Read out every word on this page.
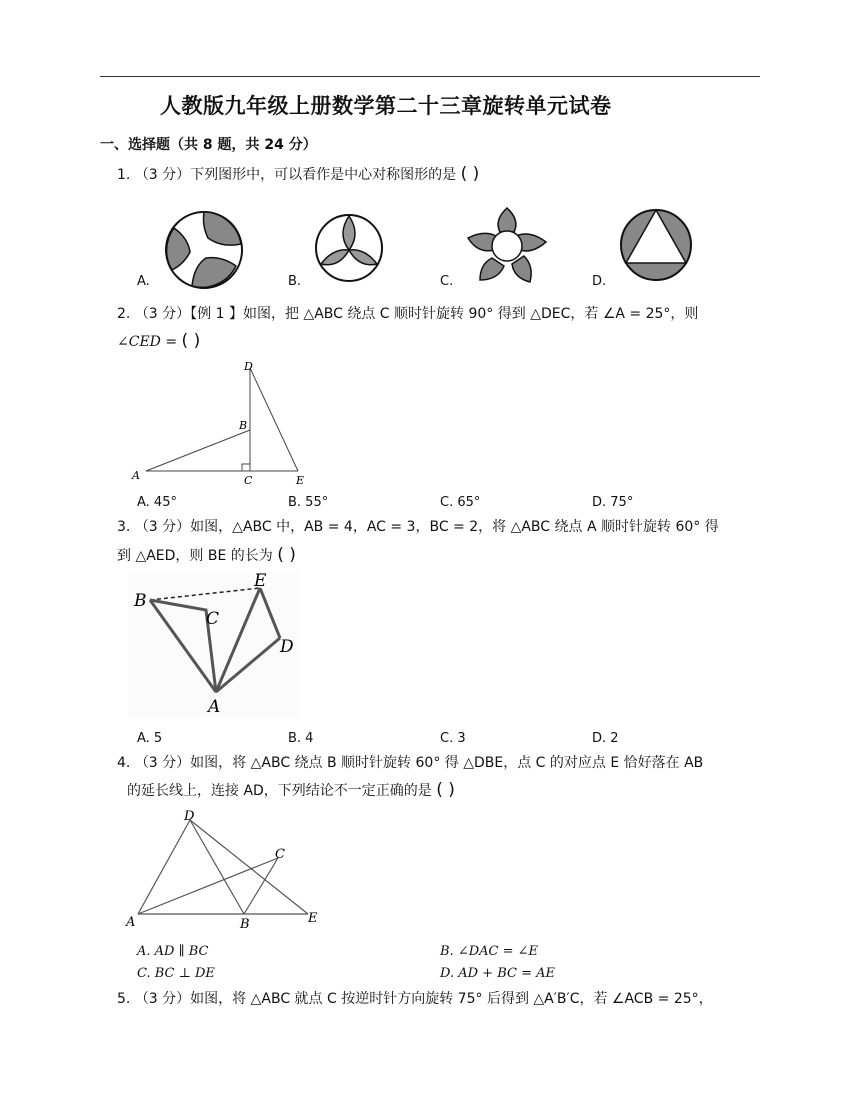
人教版九年级上册数学第二十三章旋转单元试卷
一、选择题（共 8 题，共 24 分）
1. （3 分）下列图形中，可以看作是中心对称图形的是 ( )
A.	B.	C.	D.
2. （3 分）【例 1 】如图，把 △ABC 绕点 C 顺时针旋转 90° 得到 △DEC，若 ∠A = 25°，则
∠CED = ( )
D
B
A	C	E
A. 45°	B. 55°	C. 65°	D. 75°
3. （3 分）如图，△ABC 中，AB = 4，AC = 3，BC = 2，将 △ABC 绕点 A 顺时针旋转 60° 得
到 △AED，则 BE 的长为 ( )
B
C
E
D
A
A. 5	B. 4	C. 3	D. 2
4. （3 分）如图，将 △ABC 绕点 B 顺时针旋转 60° 得 △DBE，点 C 的对应点 E 恰好落在 AB
的延长线上，连接 AD，下列结论不一定正确的是 ( )
D
C
A	B	E
A. AD ∥ BC	B. ∠DAC = ∠E
C. BC ⊥ DE	D. AD + BC = AE
5. （3 分）如图，将 △ABC 就点 C 按逆时针方向旋转 75° 后得到 △A′B′C，若 ∠ACB = 25°，
